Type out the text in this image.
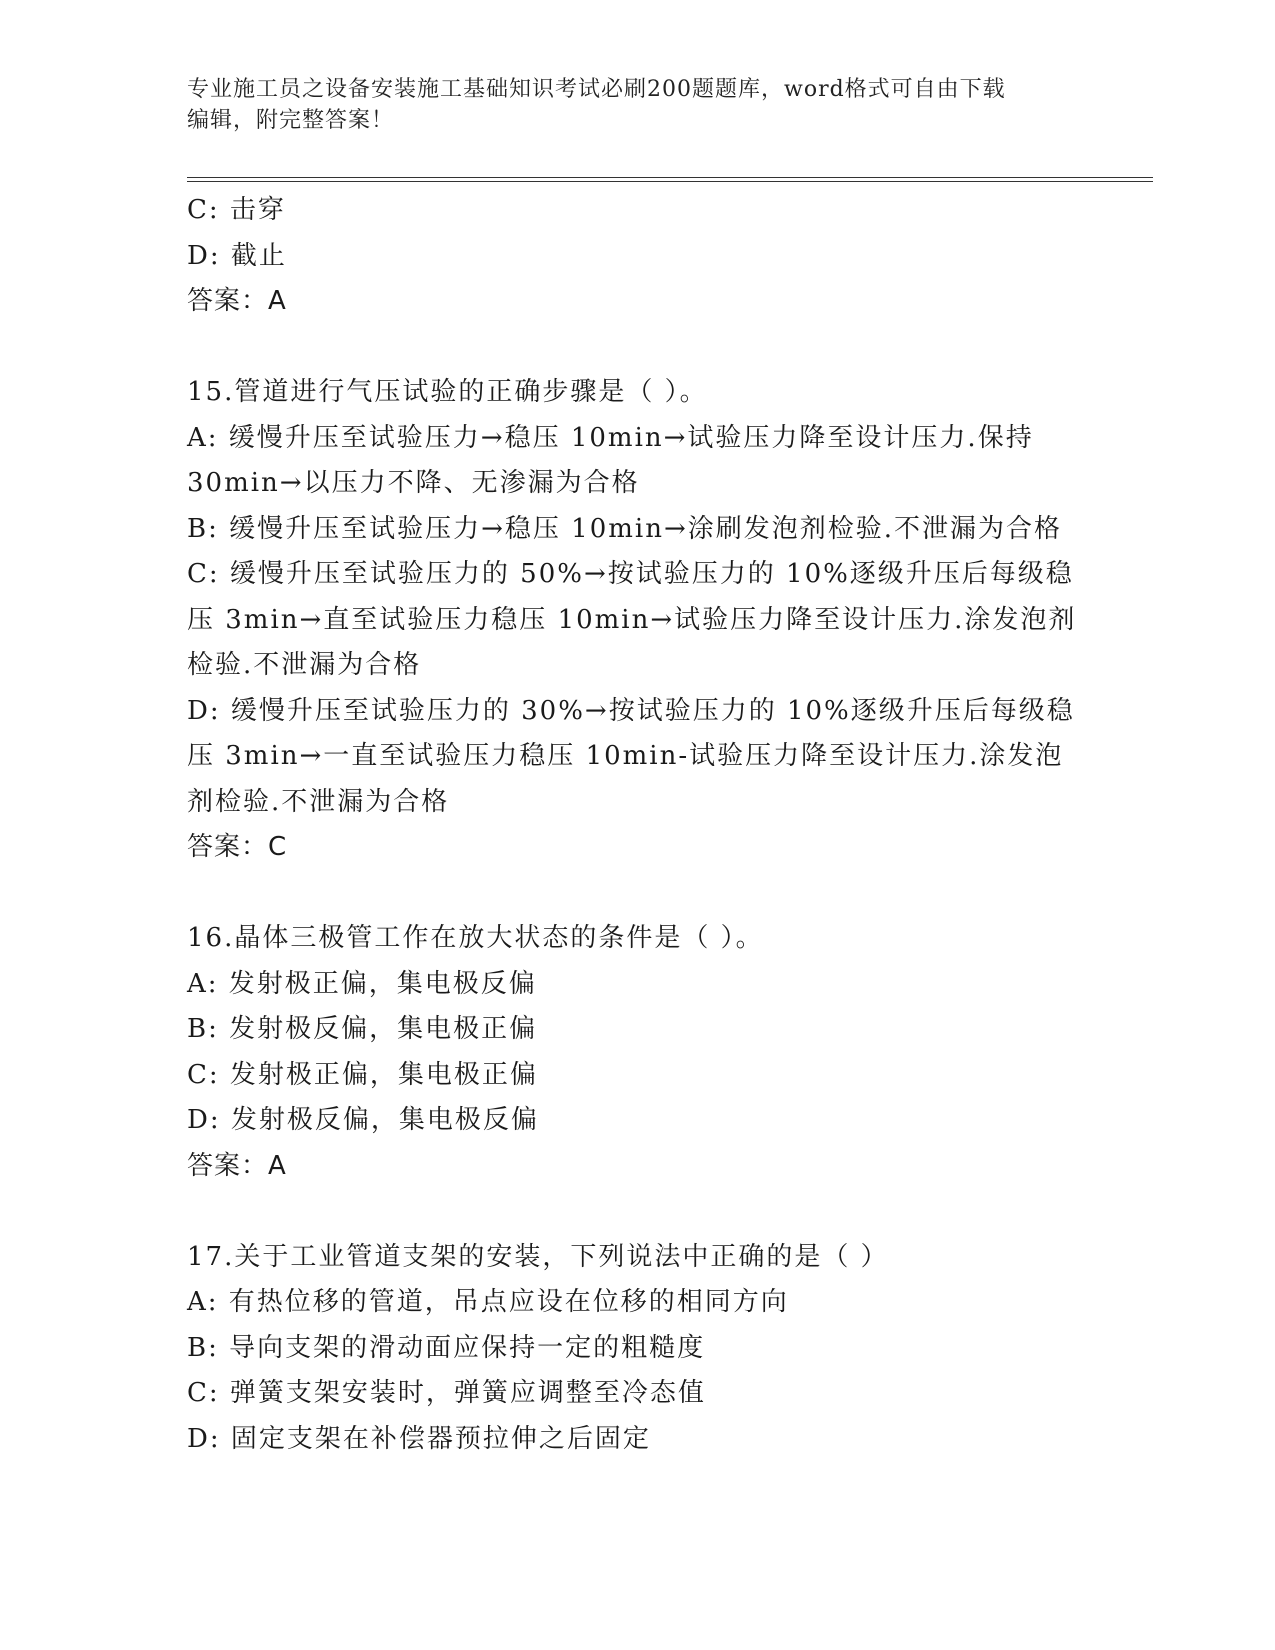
专业施工员之设备安装施工基础知识考试必刷200题题库，word格式可自由下载
编辑，附完整答案！
C: 击穿
D: 截止
答案：A
15.管道进行气压试验的正确步骤是（ ）。
A: 缓慢升压至试验压力→稳压 10min→试验压力降至设计压力.保持
30min→以压力不降、无渗漏为合格
B: 缓慢升压至试验压力→稳压 10min→涂刷发泡剂检验.不泄漏为合格
C: 缓慢升压至试验压力的 50%→按试验压力的 10%逐级升压后每级稳
压 3min→直至试验压力稳压 10min→试验压力降至设计压力.涂发泡剂
检验.不泄漏为合格
D: 缓慢升压至试验压力的 30%→按试验压力的 10%逐级升压后每级稳
压 3min→一直至试验压力稳压 10min-试验压力降至设计压力.涂发泡
剂检验.不泄漏为合格
答案：C
16.晶体三极管工作在放大状态的条件是（ ）。
A: 发射极正偏，集电极反偏
B: 发射极反偏，集电极正偏
C: 发射极正偏，集电极正偏
D: 发射极反偏，集电极反偏
答案：A
17.关于工业管道支架的安装，下列说法中正确的是（ ）
A: 有热位移的管道，吊点应设在位移的相同方向
B: 导向支架的滑动面应保持一定的粗糙度
C: 弹簧支架安装时，弹簧应调整至冷态值
D: 固定支架在补偿器预拉伸之后固定
